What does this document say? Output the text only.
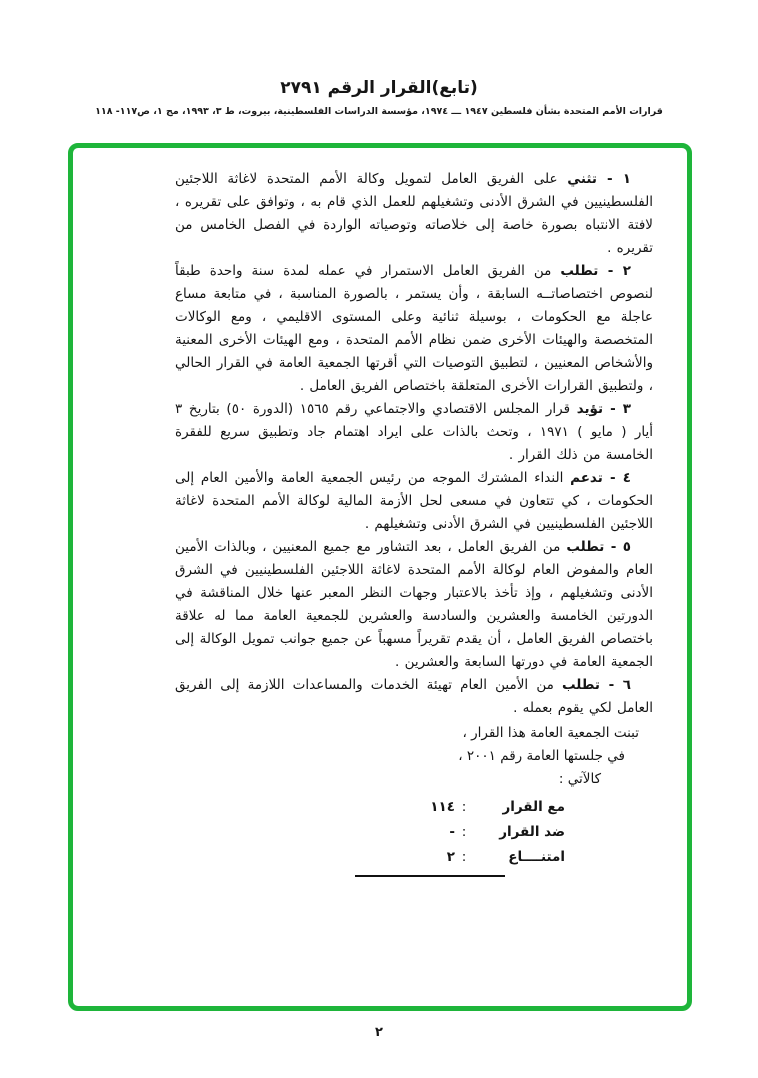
(تابع)القرار الرقم ٢٧٩١
قرارات الأمم المتحدة بشأن فلسطين ١٩٤٧ ـــ ١٩٧٤، مؤسسة الدراسات الفلسطينية، بيروت، ط ٣، ١٩٩٣، مج ١، ص١١٧- ١١٨

١ - تثني على الفريق العامل لتمويل وكالة الأمم المتحدة لاغاثة اللاجئين الفلسطينيين في الشرق الأدنى وتشغيلهم للعمل الذي قام به ، وتوافق على تقريره ، لافتة الانتباه بصورة خاصة إلى خلاصاته وتوصياته الواردة في الفصل الخامس من تقريره .

٢ - تطلب من الفريق العامل الاستمرار في عمله لمدة سنة واحدة طبقاً لنصوص اختصاصاتــه السابقة ، وأن يستمر ، بالصورة المناسبة ، في متابعة مساع عاجلة مع الحكومات ، بوسيلة ثنائية وعلى المستوى الاقليمي ، ومع الوكالات المتخصصة والهيئات الأخرى ضمن نظام الأمم المتحدة ، ومع الهيئات الأخرى المعنية والأشخاص المعنيين ، لتطبيق التوصيات التي أقرتها الجمعية العامة في القرار الحالي ، ولتطبيق القرارات الأخرى المتعلقة باختصاص الفريق العامل .

٣ - تؤيد قرار المجلس الاقتصادي والاجتماعي رقم ١٥٦٥ (الدورة ٥٠) بتاريخ ٣ أيار ( مايو ) ١٩٧١ ، وتحث بالذات على ايراد اهتمام جاد وتطبيق سريع للفقرة الخامسة من ذلك القرار .

٤ - تدعم النداء المشترك الموجه من رئيس الجمعية العامة والأمين العام إلى الحكومات ، كي تتعاون في مسعى لحل الأزمة المالية لوكالة الأمم المتحدة لاغاثة اللاجئين الفلسطينيين في الشرق الأدنى وتشغيلهم .

٥ - تطلب من الفريق العامل ، بعد التشاور مع جميع المعنيين ، وبالذات الأمين العام والمفوض العام لوكالة الأمم المتحدة لاغاثة اللاجئين الفلسطينيين في الشرق الأدنى وتشغيلهم ، وإذ تأخذ بالاعتبار وجهات النظر المعبر عنها خلال المناقشة في الدورتين الخامسة والعشرين والسادسة والعشرين للجمعية العامة مما له علاقة باختصاص الفريق العامل ، أن يقدم تقريراً مسهباً عن جميع جوانب تمويل الوكالة إلى الجمعية العامة في دورتها السابعة والعشرين .

٦ - تطلب من الأمين العام تهيئة الخدمات والمساعدات اللازمة إلى الفريق العامل لكي يقوم بعمله .

تبنت الجمعية العامة هذا القرار ،

في جلستها العامة رقم ٢٠٠١ ،

كالآتي :

مع القرار
:
١١٤
ضد القرار
:
-
امتنــــاع
:
٢
٢
